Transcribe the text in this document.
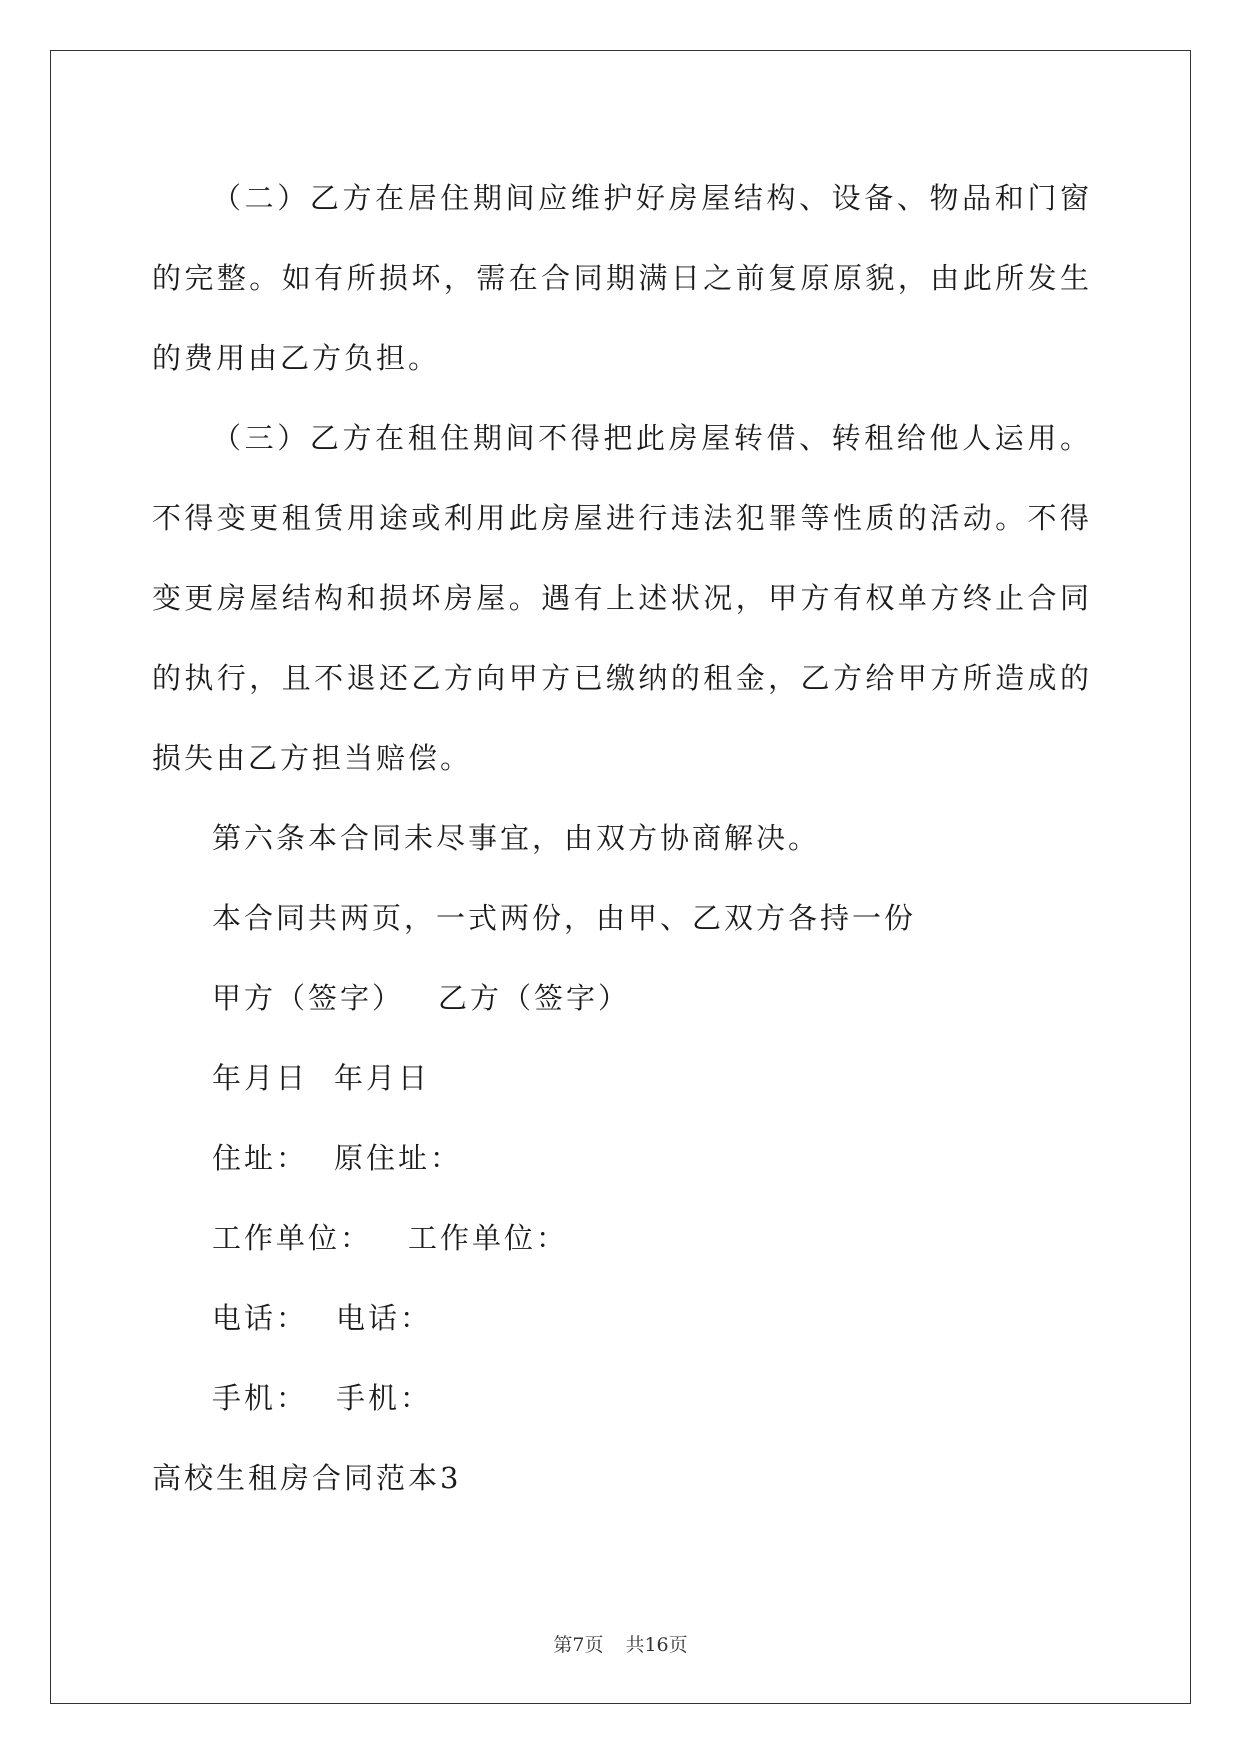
（二）乙方在居住期间应维护好房屋结构、设备、物品和门窗的完整。如有所损坏，需在合同期满日之前复原原貌，由此所发生的费用由乙方负担。

（三）乙方在租住期间不得把此房屋转借、转租给他人运用。不得变更租赁用途或利用此房屋进行违法犯罪等性质的活动。不得变更房屋结构和损坏房屋。遇有上述状况，甲方有权单方终止合同的执行，且不退还乙方向甲方已缴纳的租金，乙方给甲方所造成的损失由乙方担当赔偿。

第六条本合同未尽事宜，由双方协商解决。

本合同共两页，一式两份，由甲、乙双方各持一份

甲方（签字） 乙方（签字）

年月日 年月日

住址： 原住址：

工作单位： 工作单位：

电话： 电话：

手机： 手机：

高校生租房合同范本3

第7页 共16页
